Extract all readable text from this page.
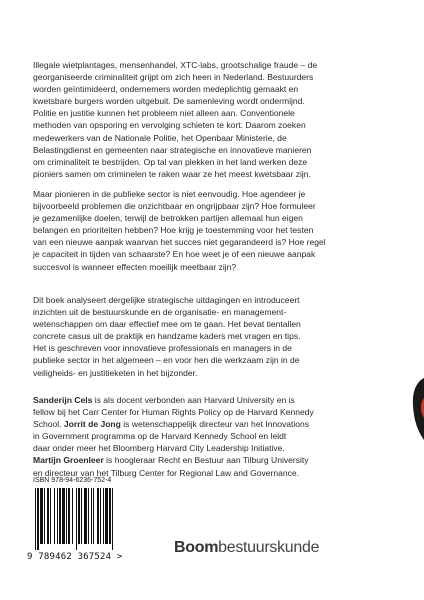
Illegale wietplantages, mensenhandel, XTC-labs, grootschalige fraude – de

georganiseerde criminaliteit grijpt om zich heen in Nederland. Bestuurders

worden geïntimideerd, ondernemers worden medeplichtig gemaakt en

kwetsbare burgers worden uitgebuit. De samenleving wordt ondermijnd.

Politie en justitie kunnen het probleem niet alleen aan. Conventionele

methoden van opsporing en vervolging schieten te kort. Daarom zoeken

medewerkers van de Nationale Politie, het Openbaar Ministerie, de

Belastingdienst en gemeenten naar strategische en innovatieve manieren

om criminaliteit te bestrijden. Op tal van plekken in het land werken deze

pioniers samen om criminelen te raken waar ze het meest kwetsbaar zijn.

Maar pionieren in de publieke sector is niet eenvoudig. Hoe agendeer je

bijvoorbeeld problemen die onzichtbaar en ongrijpbaar zijn? Hoe formuleer

je gezamenlijke doelen, terwijl de betrokken partijen allemaal hun eigen

belangen en prioriteiten hebben? Hoe krijg je toestemming voor het testen

van een nieuwe aanpak waarvan het succes niet gegarandeerd is? Hoe regel

je capaciteit in tijden van schaarste? En hoe weet je of een nieuwe aanpak

succesvol is wanneer effecten moeilijk meetbaar zijn?

Dit boek analyseert dergelijke strategische uitdagingen en introduceert

inzichten uit de bestuurskunde en de organisatie- en management-

wetenschappen om daar effectief mee om te gaan. Het bevat tientallen

concrete casus uit de praktijk en handzame kaders met vragen en tips.

Het is geschreven voor innovatieve professionals en managers in de

publieke sector in het algemeen – en voor hen die werkzaam zijn in de

veiligheids- en justitieketen in het bijzonder.

Sanderijn Cels is als docent verbonden aan Harvard University en is

fellow bij het Carr Center for Human Rights Policy op de Harvard Kennedy

School. Jorrit de Jong is wetenschappelijk directeur van het Innovations

in Government programma op de Harvard Kennedy School en leidt

daar onder meer het Bloomberg Harvard City Leadership Initiative.

Martijn Groenleer is hoogleraar Recht en Bestuur aan Tilburg University

en directeur van het Tilburg Center for Regional Law and Governance.

ISBN 978-94-6236-752-4
9 789462 367524 >
Boombestuurskunde
